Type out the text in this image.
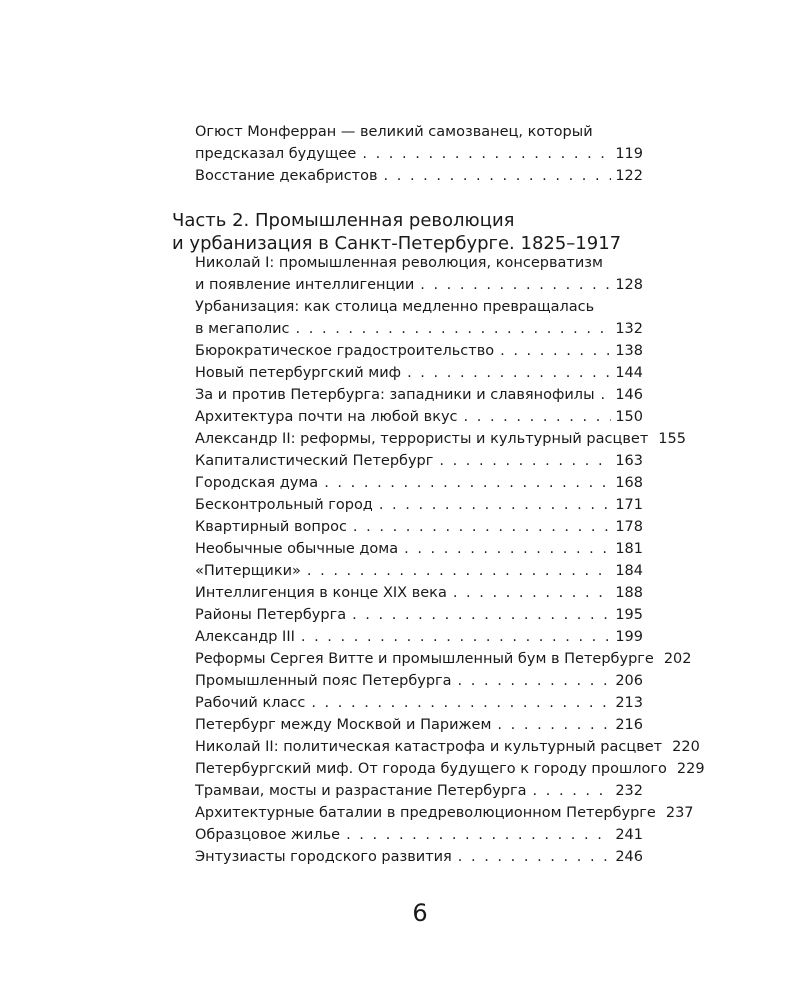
Огюст Монферран — великий самозванец, который
предсказал будущее . . .	119
Восстание декабристов . . .	122
Часть 2. Промышленная революция
и урбанизация в Санкт-Петербурге. 1825–1917
Николай I: промышленная революция, консерватизм
и появление интеллигенции . . .	128
Урбанизация: как столица медленно превращалась
в мегаполис . . .	132
Бюрократическое градостроительство . . .	138
Новый петербургский миф . . .	144
За и против Петербурга: западники и славянофилы . . . 146
Архитектура почти на любой вкус . . .	150
Александр II: реформы, террористы и культурный расцвет . . . 155
Капиталистический Петербург . . .	163
Городская дума . . .	168
Бесконтрольный город . . .	171
Квартирный вопрос . . .	178
Необычные обычные дома . . .	181
«Питерщики» . . .	184
Интеллигенция в конце XIX века . . .	188
Районы Петербурга . . .	195
Александр III . . .	199
Реформы Сергея Витте и промышленный бум в Петербурге . . . 202
Промышленный пояс Петербурга . . .	206
Рабочий класс . . .	213
Петербург между Москвой и Парижем . . .	216
Николай II: политическая катастрофа и культурный расцвет . . . 220
Петербургский миф. От города будущего к городу прошлого . . . 229
Трамваи, мосты и разрастание Петербурга . . .	232
Архитектурные баталии в предреволюционном Петербурге . . . 237
Образцовое жилье . . .	241
Энтузиасты городского развития . . .	246
6
